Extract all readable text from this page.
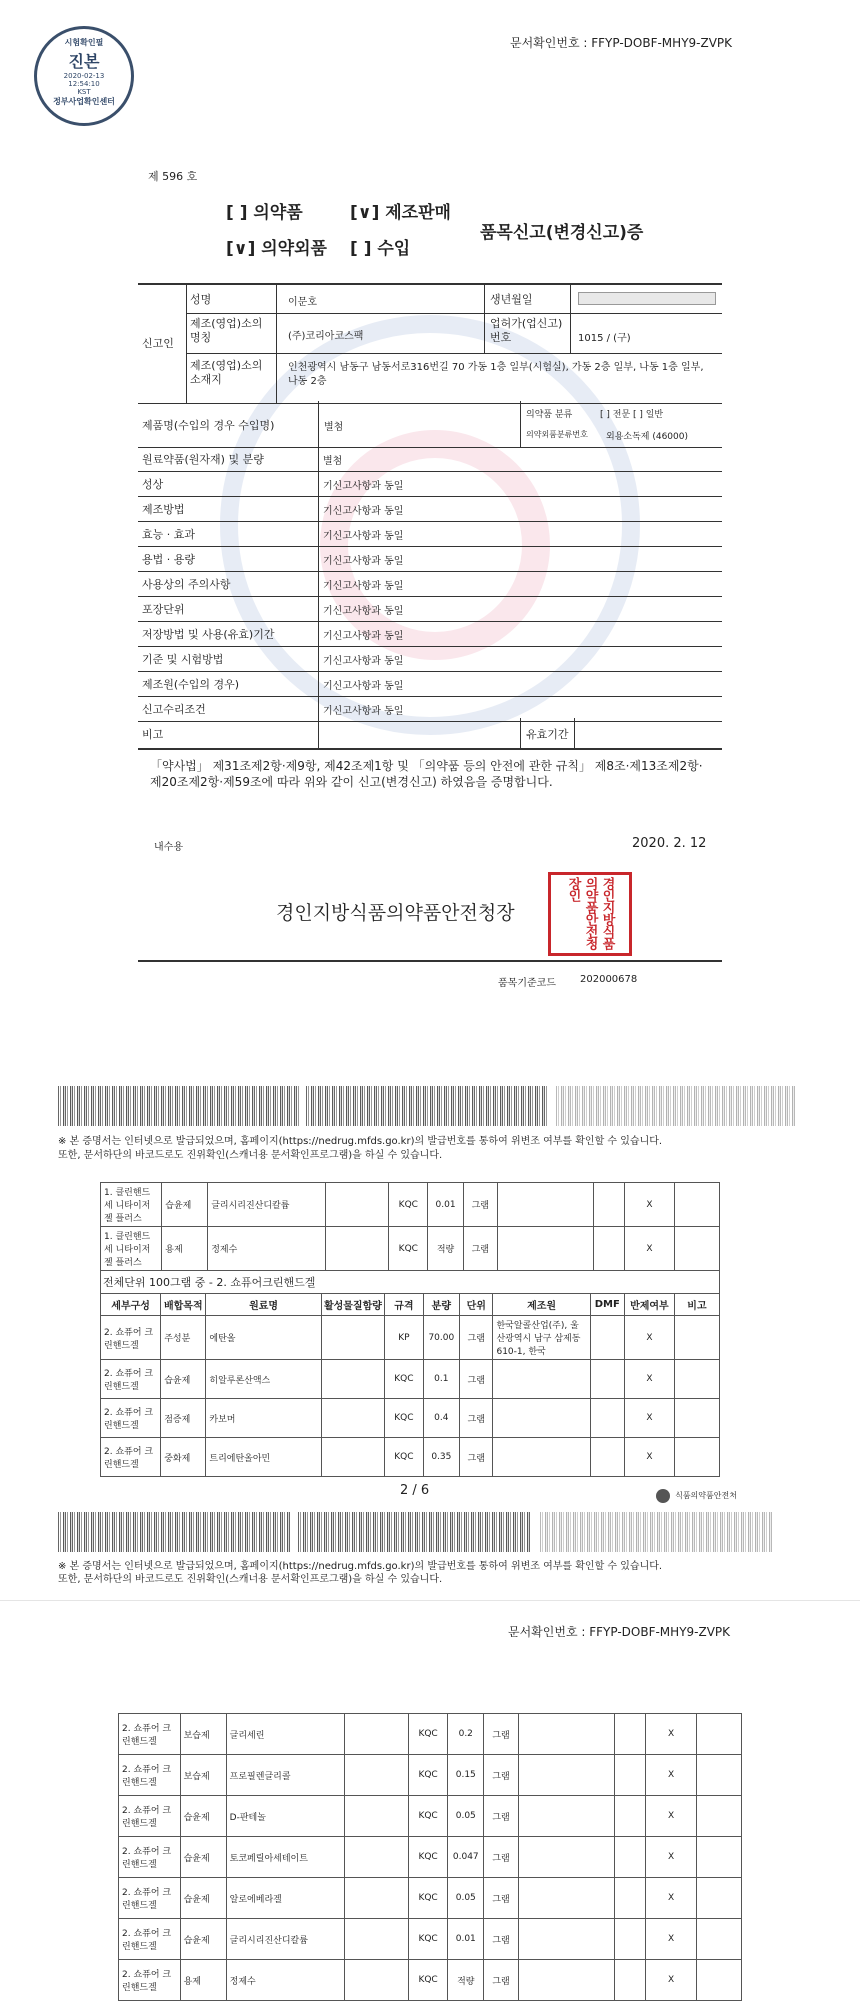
시험확인필
진본
2020-02-13
12:54:10
KST
정부사업확인센터
문서확인번호 : FFYP-DOBF-MHY9-ZVPK
제 596 호
[ ] 의약품	[∨] 제조판매
[∨] 의약외품 [ ] 수입
품목신고(변경신고)증
신고인
성명	이문호	생년월일
제조(영업)소의 명칭	(주)코리아코스팩
업허가(업신고) 번호	1015 / (구)
제조(영업)소의 소재지
인천광역시 남동구 남동서로316번길 70 가동 1층 일부(시험실), 가동 2층 일부, 나동 1층 일부, 나동 2층
제품명(수입의 경우 수입명)	별첨
의약품 분류	[ ] 전문 [ ] 일반
의약외품분류번호 외용소독제 (46000)
원료약품(원자재) 및 분량	별첨
성상	기신고사항과 동일
제조방법	기신고사항과 동일
효능 · 효과	기신고사항과 동일
용법 · 용량	기신고사항과 동일
사용상의 주의사항	기신고사항과 동일
포장단위	기신고사항과 동일
저장방법 및 사용(유효)기간	기신고사항과 동일
기준 및 시험방법	기신고사항과 동일
제조원(수입의 경우)	기신고사항과 동일
신고수리조건	기신고사항과 동일
비고	유효기간
「약사법」 제31조제2항·제9항, 제42조제1항 및 「의약품 등의 안전에 관한 규칙」 제8조·제13조제2항·제20조제2항·제59조에 따라 위와 같이 신고(변경신고) 하였음을 증명합니다.
내수용	2020. 2. 12
경인지방식품의약품안전청장	경인지방식품의약품안전청장인
품목기준코드 202000678
※ 본 증명서는 인터넷으로 발급되었으며, 홈페이지(https://nedrug.mfds.go.kr)의 발급번호를 통하여 위변조 여부를 확인할 수 있습니다.
또한, 문서하단의 바코드로도 진위확인(스캐너용 문서확인프로그램)을 하실 수 있습니다.
1. 클린핸드세 니타이저젤 플러스	습윤제	글리시리진산디칼륨		KQC	0.01	그램			X	
1. 클린핸드세 니타이저젤 플러스	용제	정제수		KQC	적량	그램			X	
전체단위 100그램 중 - 2. 쇼퓨어크린핸드겔
세부구성	배합목적	원료명	활성물질함량	규격	분량	단위	제조원	DMF	반제여부	비고
2. 쇼퓨어 크린핸드겔	주성분	에탄올		KP	70.00	그램	한국알콜산업(주), 울산광역시 남구 삼제동610-1, 한국		X	
2. 쇼퓨어 크린핸드겔	습윤제	히알루론산액스		KQC	0.1	그램			X	
2. 쇼퓨어 크린핸드겔	점증제	카보머		KQC	0.4	그램			X	
2. 쇼퓨어 크린핸드겔	중화제	트리에탄올아민		KQC	0.35	그램			X	
2 / 6	식품의약품안전처
※ 본 증명서는 인터넷으로 발급되었으며, 홈페이지(https://nedrug.mfds.go.kr)의 발급번호를 통하여 위변조 여부를 확인할 수 있습니다.
또한, 문서하단의 바코드로도 진위확인(스캐너용 문서확인프로그램)을 하실 수 있습니다.
문서확인번호 : FFYP-DOBF-MHY9-ZVPK
2. 쇼퓨어 크린핸드겔	보습제	글리세린		KQC	0.2	그램			X	
2. 쇼퓨어 크린핸드겔	보습제	프로필렌글리콜		KQC	0.15	그램			X	
2. 쇼퓨어 크린핸드겔	습윤제	D-판테놀		KQC	0.05	그램			X	
2. 쇼퓨어 크린핸드겔	습윤제	토코페릴아세테이트		KQC	0.047	그램			X	
2. 쇼퓨어 크린핸드겔	습윤제	알로에베라겔		KQC	0.05	그램			X	
2. 쇼퓨어 크린핸드겔	습윤제	글리시리진산디칼륨		KQC	0.01	그램			X	
2. 쇼퓨어 크린핸드겔	용제	정제수		KQC	적량	그램			X	
